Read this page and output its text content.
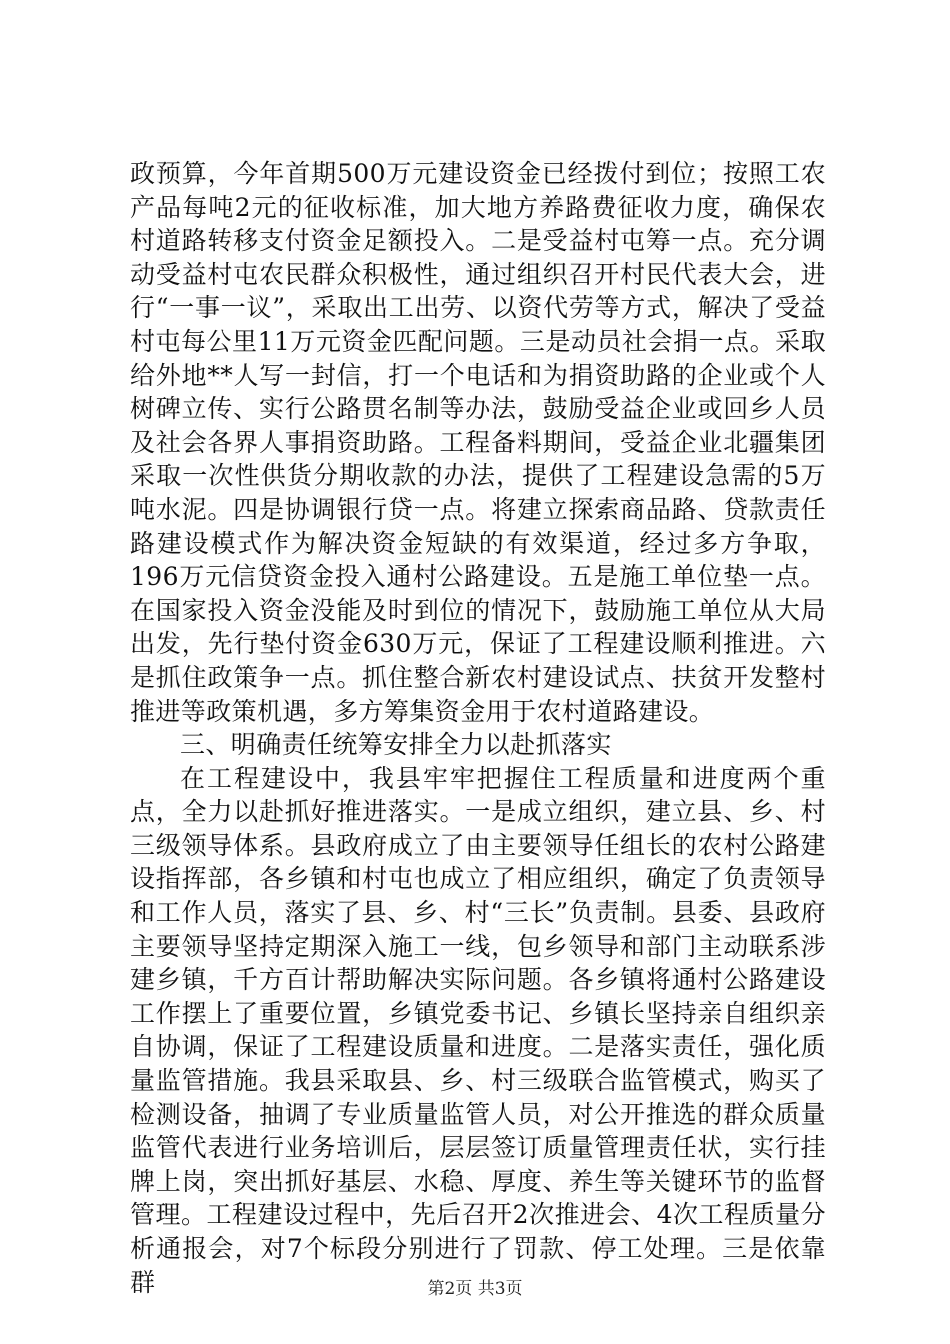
政预算，今年首期500万元建设资金已经拨付到位；按照工农产品每吨2元的征收标准，加大地方养路费征收力度，确保农村道路转移支付资金足额投入。二是受益村屯筹一点。充分调动受益村屯农民群众积极性，通过组织召开村民代表大会，进行“一事一议”，采取出工出劳、以资代劳等方式，解决了受益村屯每公里11万元资金匹配问题。三是动员社会捐一点。采取给外地**人写一封信，打一个电话和为捐资助路的企业或个人树碑立传、实行公路贯名制等办法，鼓励受益企业或回乡人员及社会各界人事捐资助路。工程备料期间，受益企业北疆集团采取一次性供货分期收款的办法，提供了工程建设急需的5万吨水泥。四是协调银行贷一点。将建立探索商品路、贷款责任路建设模式作为解决资金短缺的有效渠道，经过多方争取，196万元信贷资金投入通村公路建设。五是施工单位垫一点。在国家投入资金没能及时到位的情况下，鼓励施工单位从大局出发，先行垫付资金630万元，保证了工程建设顺利推进。六是抓住政策争一点。抓住整合新农村建设试点、扶贫开发整村推进等政策机遇，多方筹集资金用于农村道路建设。

三、明确责任统筹安排全力以赴抓落实

在工程建设中，我县牢牢把握住工程质量和进度两个重点，全力以赴抓好推进落实。一是成立组织，建立县、乡、村三级领导体系。县政府成立了由主要领导任组长的农村公路建设指挥部，各乡镇和村屯也成立了相应组织，确定了负责领导和工作人员，落实了县、乡、村“三长”负责制。县委、县政府主要领导坚持定期深入施工一线，包乡领导和部门主动联系涉建乡镇，千方百计帮助解决实际问题。各乡镇将通村公路建设工作摆上了重要位置，乡镇党委书记、乡镇长坚持亲自组织亲自协调，保证了工程建设质量和进度。二是落实责任，强化质量监管措施。我县采取县、乡、村三级联合监管模式，购买了检测设备，抽调了专业质量监管人员，对公开推选的群众质量监管代表进行业务培训后，层层签订质量管理责任状，实行挂牌上岗，突出抓好基层、水稳、厚度、养生等关键环节的监督管理。工程建设过程中，先后召开2次推进会、4次工程质量分析通报会，对7个标段分别进行了罚款、停工处理。三是依靠群	第2页 共3页
